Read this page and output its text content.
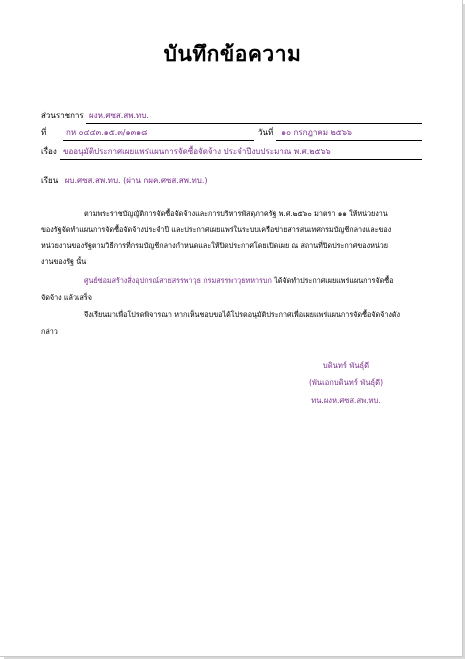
บันทึกข้อความ
ส่วนราชการ ผงห.ศซส.สพ.ทบ.
ที่ กห ๐๔๔๓.๑๕.๓/๑๓๑๘	วันที่ ๑๐ กรกฎาคม ๒๕๖๖
เรื่อง ขออนุมัติประกาศเผยแพร่แผนการจัดซื้อจัดจ้าง ประจำปีงบประมาณ พ.ศ.๒๕๖๖
เรียน ผบ.ศซส.สพ.ทบ. (ผ่าน กผค.ศซส.สพ.ทบ.)
ตามพระราชบัญญัติการจัดซื้อจัดจ้างและการบริหารพัสดุภาครัฐ พ.ศ.๒๕๖๐ มาตรา ๑๑ ให้หน่วยงาน
ของรัฐจัดทำแผนการจัดซื้อจัดจ้างประจำปี และประกาศเผยแพร่ในระบบเครือข่ายสารสนเทศกรมบัญชีกลางและของ
หน่วยงานของรัฐตามวิธีการที่กรมบัญชีกลางกำหนดและให้ปิดประกาศโดยเปิดเผย ณ สถานที่ปิดประกาศของหน่วย
งานของรัฐ นั้น
ศูนย์ซ่อมสร้างสิ่งอุปกรณ์สายสรรพาวุธ กรมสรรพาวุธทหารบก ได้จัดทำประกาศเผยแพร่แผนการจัดซื้อ
จัดจ้าง แล้วเสร็จ
จึงเรียนมาเพื่อโปรดพิจารณา หากเห็นชอบขอได้โปรดอนุมัติประกาศเพื่อเผยแพร่แผนการจัดซื้อจัดจ้างดัง
กล่าว
บดินทร์ พันธุ์ดี
(พันเอกบดินทร์ พันธุ์ดี)
ทน.ผงห.ศซส.สพ.ทบ.
